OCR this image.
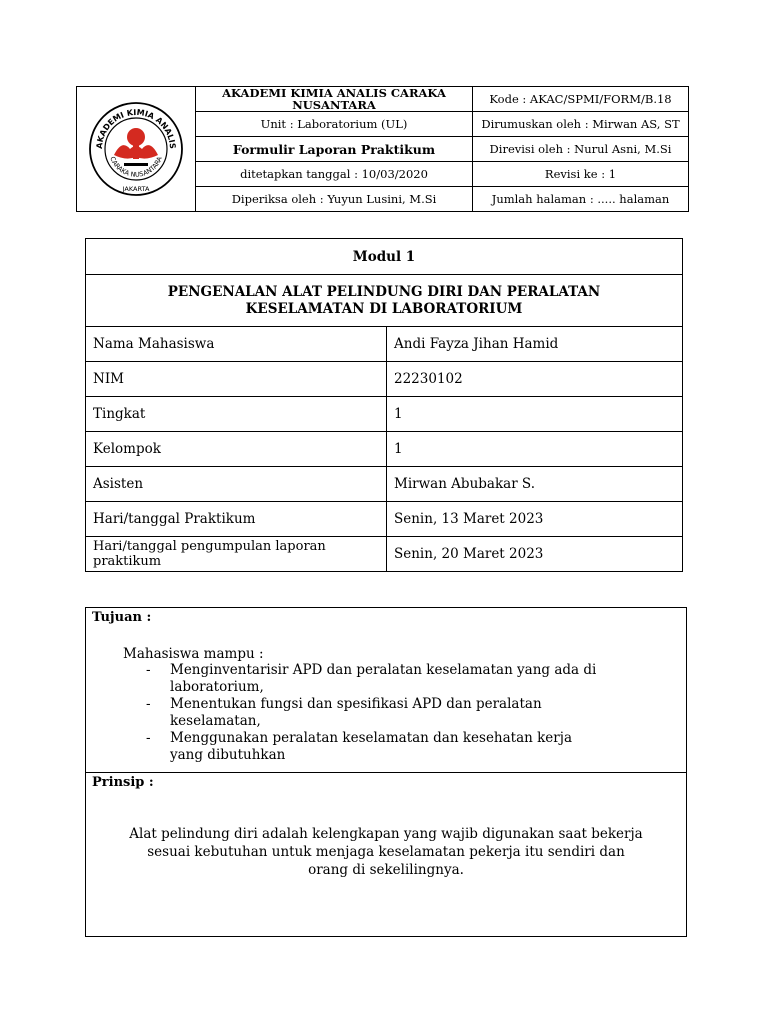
AKADEMI KIMIA ANALIS
CARAKA NUSANTARA
JAKARTA	AKADEMI KIMIA ANALIS CARAKA NUSANTARA	Kode : AKAC/SPMI/FORM/B.18
	Unit : Laboratorium (UL)	Dirumuskan oleh : Mirwan AS, ST
	Formulir Laporan Praktikum	Direvisi oleh : Nurul Asni, M.Si
	ditetapkan tanggal : 10/03/2020	Revisi ke : 1
	Diperiksa oleh : Yuyun Lusini, M.Si	Jumlah halaman : ..... halaman
Modul 1	
PENGENALAN ALAT PELINDUNG DIRI DAN PERALATAN KESELAMATAN DI LABORATORIUM	
Nama Mahasiswa	Andi Fayza Jihan Hamid
NIM	22230102
Tingkat	1
Kelompok	1
Asisten	Mirwan Abubakar S.
Hari/tanggal Praktikum	Senin, 13 Maret 2023
Hari/tanggal pengumpulan laporan praktikum	Senin, 20 Maret 2023
Tujuan :
Mahasiswa mampu :
- Menginventarisir APD dan peralatan keselamatan yang ada di laboratorium,
- Menentukan fungsi dan spesifikasi APD dan peralatan keselamatan,
- Menggunakan peralatan keselamatan dan kesehatan kerja yang dibutuhkan
Prinsip :
Alat pelindung diri adalah kelengkapan yang wajib digunakan saat bekerja sesuai kebutuhan untuk menjaga keselamatan pekerja itu sendiri dan orang di sekelilingnya.
